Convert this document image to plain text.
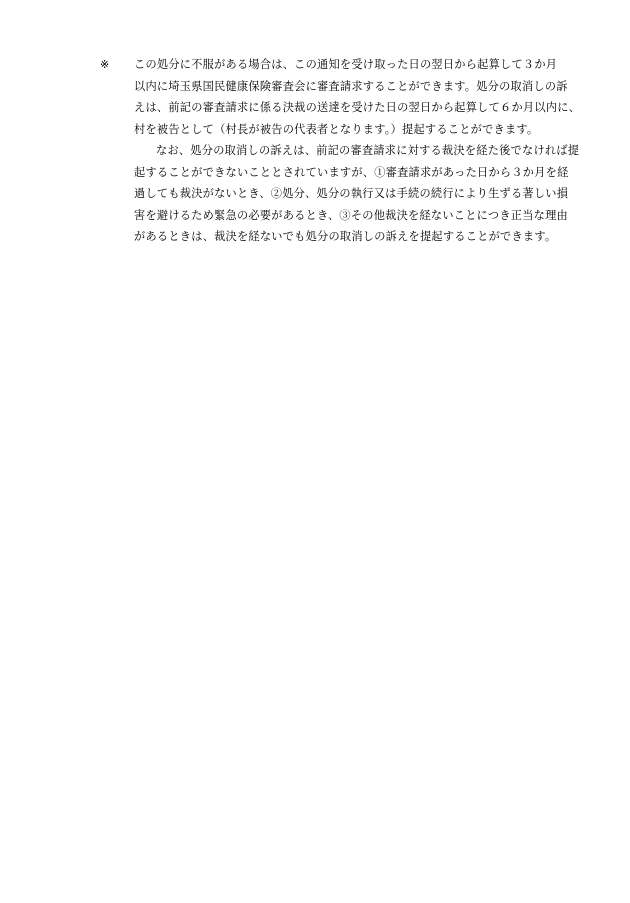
※	この処分に不服がある場合は、この通知を受け取った日の翌日から起算して３か月
以内に埼玉県国民健康保険審査会に審査請求することができます。処分の取消しの訴
えは、前記の審査請求に係る決裁の送達を受けた日の翌日から起算して６か月以内に、
村を被告として（村長が被告の代表者となります。）提起することができます。
なお、処分の取消しの訴えは、前記の審査請求に対する裁決を経た後でなければ提
起することができないこととされていますが、①審査請求があった日から３か月を経
過しても裁決がないとき、②処分、処分の執行又は手続の続行により生ずる著しい損
害を避けるため緊急の必要があるとき、③その他裁決を経ないことにつき正当な理由
があるときは、裁決を経ないでも処分の取消しの訴えを提起することができます。
